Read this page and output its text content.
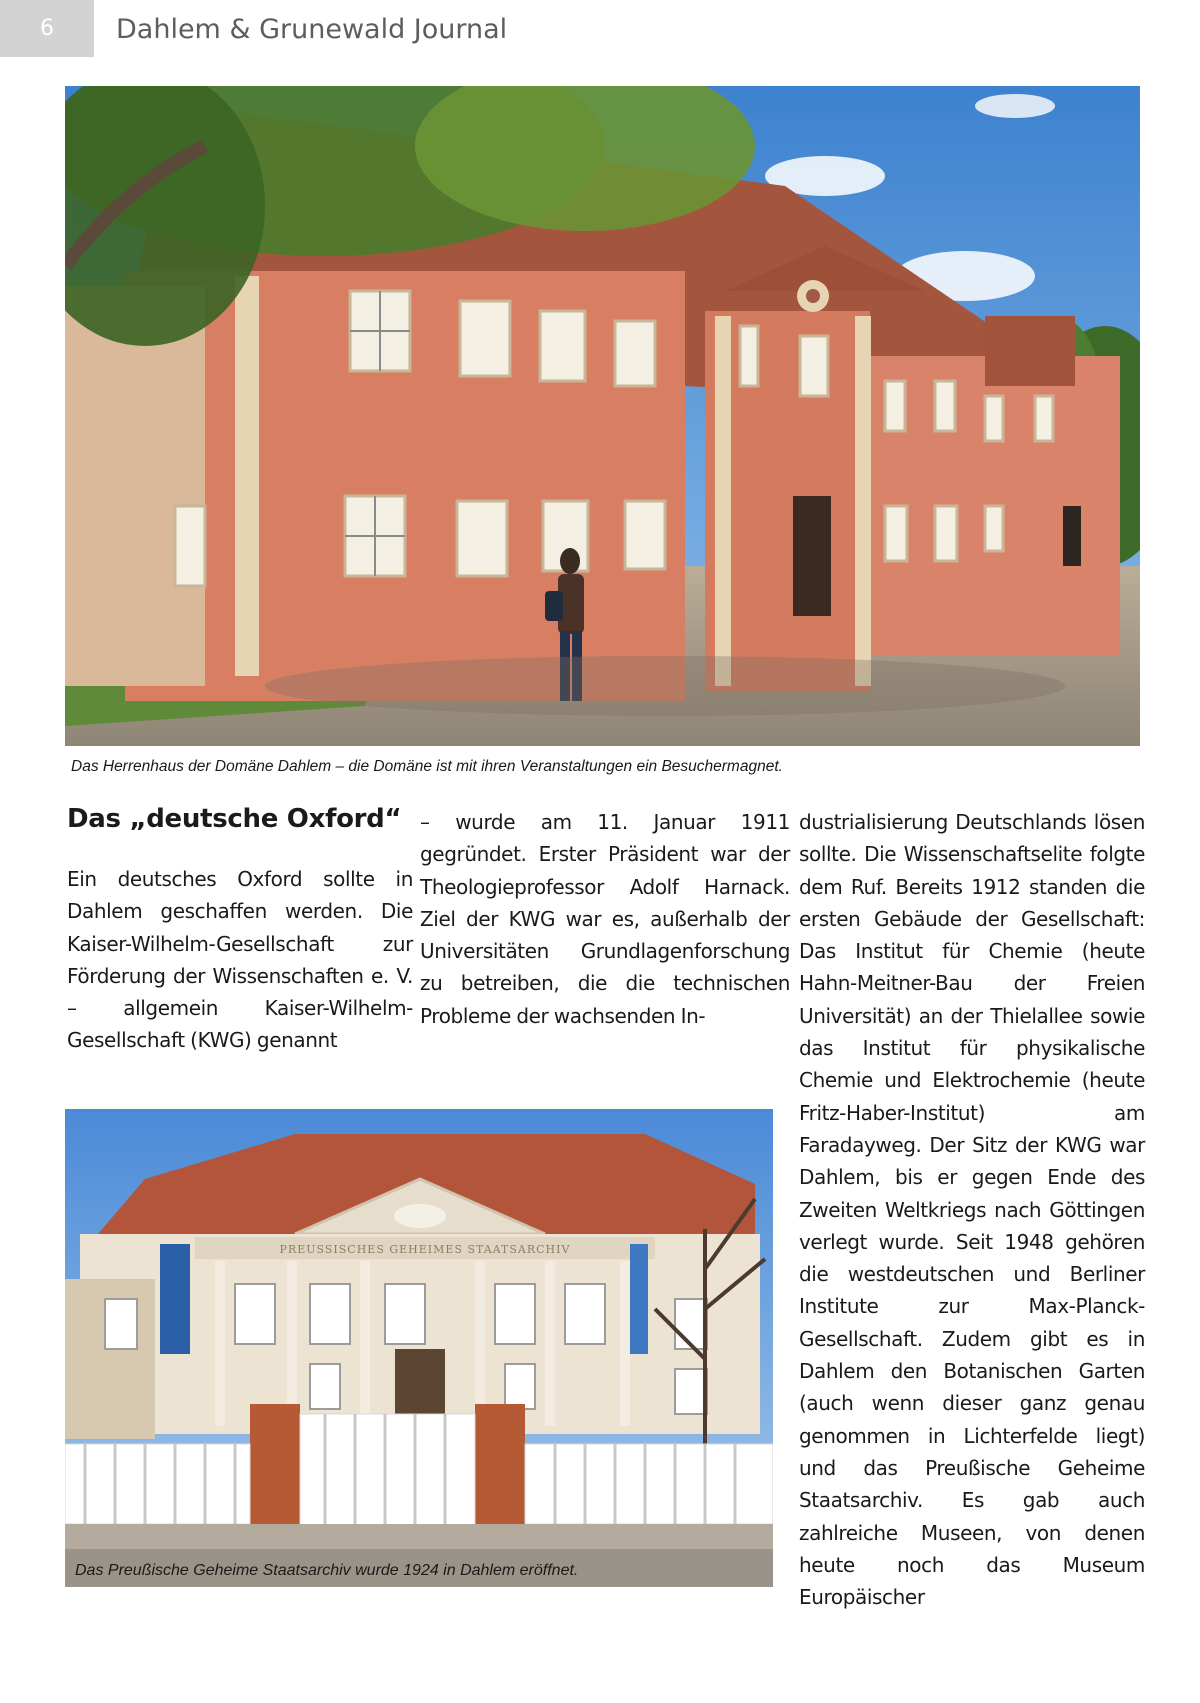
6 Dahlem & Grunewald Journal
Das Herrenhaus der Domäne Dahlem – die Domäne ist mit ihren Veranstaltungen ein Besuchermagnet.
Das „deutsche Oxford“

Ein deutsches Oxford sollte in Dahlem geschaffen werden. Die Kaiser-Wilhelm-Gesellschaft zur Förderung der Wissenschaften e. V. – allgemein Kaiser-Wilhelm-Gesellschaft (KWG) genannt

– wurde am 11. Januar 1911 gegründet. Erster Präsident war der Theologieprofessor Adolf Harnack. Ziel der KWG war es, außerhalb der Universitäten Grundlagenforschung zu betreiben, die die technischen Probleme der wachsenden In-

dustrialisierung Deutschlands lösen sollte. Die Wissenschaftselite folgte dem Ruf. Bereits 1912 standen die ersten Gebäude der Gesellschaft: Das Institut für Chemie (heute Hahn-Meitner-Bau der Freien Universität) an der Thielallee sowie das Institut für physikalische Chemie und Elektrochemie (heute Fritz-Haber-Institut) am Faradayweg. Der Sitz der KWG war Dahlem, bis er gegen Ende des Zweiten Weltkriegs nach Göttingen verlegt wurde. Seit 1948 gehören die westdeutschen und Berliner Institute zur Max-Planck-Gesellschaft. Zudem gibt es in Dahlem den Botanischen Garten (auch wenn dieser ganz genau genommen in Lichterfelde liegt) und das Preußische Geheime Staatsarchiv. Es gab auch zahlreiche Museen, von denen heute noch das Museum Europäischer

PREUSSISCHES GEHEIMES STAATSARCHIV
Das Preußische Geheime Staatsarchiv wurde 1924 in Dahlem eröffnet.
